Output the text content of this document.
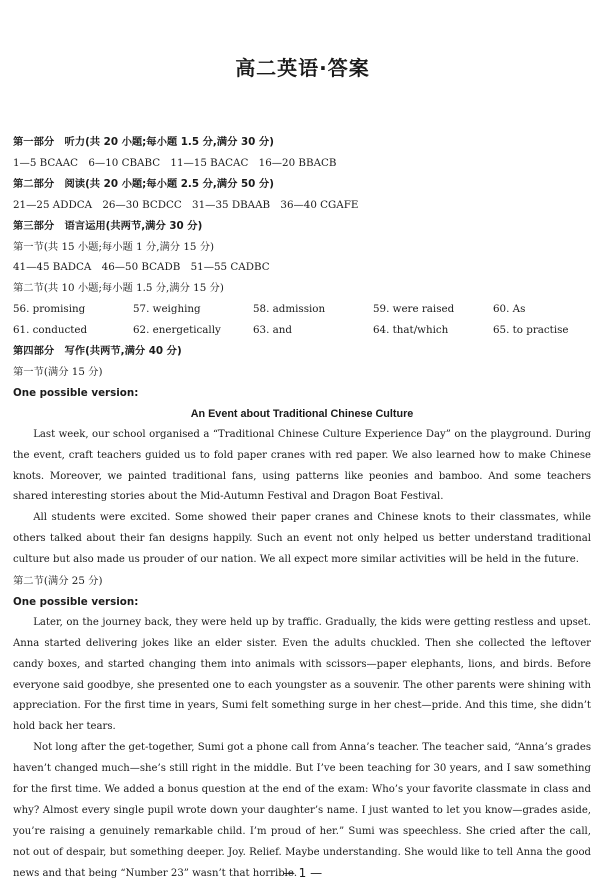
高二英语·答案
第一部分　听力(共 20 小题;每小题 1.5 分,满分 30 分)
1—5 BCAAC　6—10 CBABC　11—15 BACAC　16—20 BBACB
第二部分　阅读(共 20 小题;每小题 2.5 分,满分 50 分)
21—25 ADDCA　26—30 BCDCC　31—35 DBAAB　36—40 CGAFE
第三部分　语言运用(共两节,满分 30 分)
第一节(共 15 小题;每小题 1 分,满分 15 分)
41—45 BADCA　46—50 BCADB　51—55 CADBC
第二节(共 10 小题;每小题 1.5 分,满分 15 分)
56. promising	57. weighing	58. admission	59. were raised	60. As
61. conducted	62. energetically	63. and	64. that/which	65. to practise
第四部分　写作(共两节,满分 40 分)
第一节(满分 15 分)
One possible version:
An Event about Traditional Chinese Culture

Last week, our school organised a “Traditional Chinese Culture Experience Day” on the playground. During the event, craft teachers guided us to fold paper cranes with red paper. We also learned how to make Chinese knots. Moreover, we painted traditional fans, using patterns like peonies and bamboo. And some teachers shared interesting stories about the Mid-Autumn Festival and Dragon Boat Festival.

All students were excited. Some showed their paper cranes and Chinese knots to their classmates, while others talked about their fan designs happily. Such an event not only helped us better understand traditional culture but also made us prouder of our nation. We all expect more similar activities will be held in the future.

第二节(满分 25 分)
One possible version:

Later, on the journey back, they were held up by traffic. Gradually, the kids were getting restless and upset. Anna started delivering jokes like an elder sister. Even the adults chuckled. Then she collected the leftover candy boxes, and started changing them into animals with scissors—paper elephants, lions, and birds. Before everyone said goodbye, she presented one to each youngster as a souvenir. The other parents were shining with appreciation. For the first time in years, Sumi felt something surge in her chest—pride. And this time, she didn’t hold back her tears.

Not long after the get-together, Sumi got a phone call from Anna’s teacher. The teacher said, “Anna’s grades haven’t changed much—she’s still right in the middle. But I’ve been teaching for 30 years, and I saw something for the first time. We added a bonus question at the end of the exam: Who’s your favorite classmate in class and why? Almost every single pupil wrote down your daughter’s name. I just wanted to let you know—grades aside, you’re raising a genuinely remarkable child. I’m proud of her.” Sumi was speechless. She cried after the call, not out of despair, but something deeper. Joy. Relief. Maybe understanding. She would like to tell Anna the good news and that being “Number 23” wasn’t that horrible.

— 1 —
